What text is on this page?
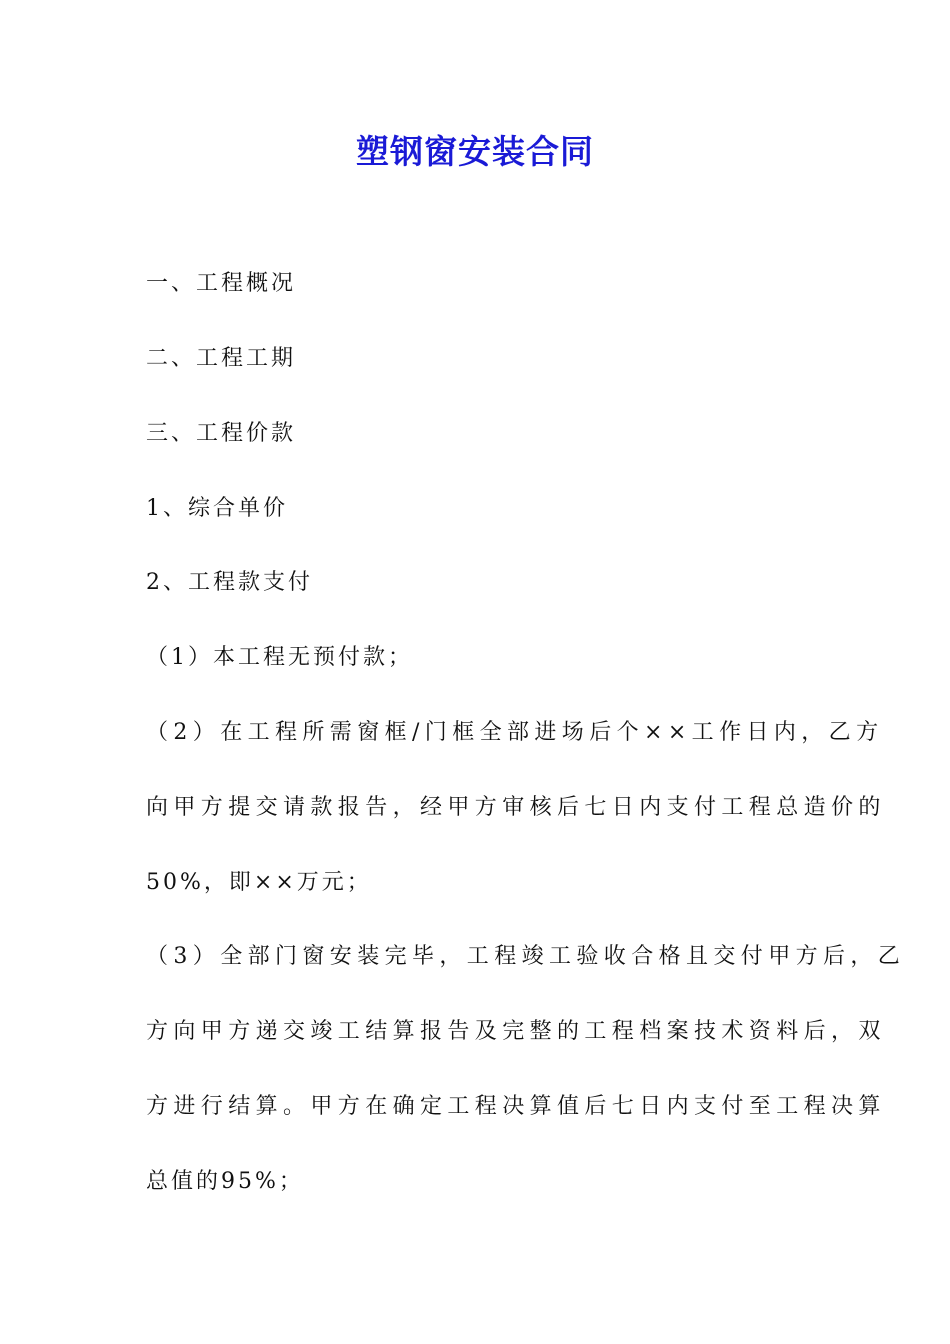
塑钢窗安装合同
一、工程概况
二、工程工期
三、工程价款
1、综合单价
2、工程款支付
（1）本工程无预付款；
（2）在工程所需窗框/门框全部进场后个××工作日内，乙方
向甲方提交请款报告，经甲方审核后七日内支付工程总造价的
50%，即××万元；
（3）全部门窗安装完毕，工程竣工验收合格且交付甲方后，乙
方向甲方递交竣工结算报告及完整的工程档案技术资料后，双
方进行结算。甲方在确定工程决算值后七日内支付至工程决算
总值的95%；
